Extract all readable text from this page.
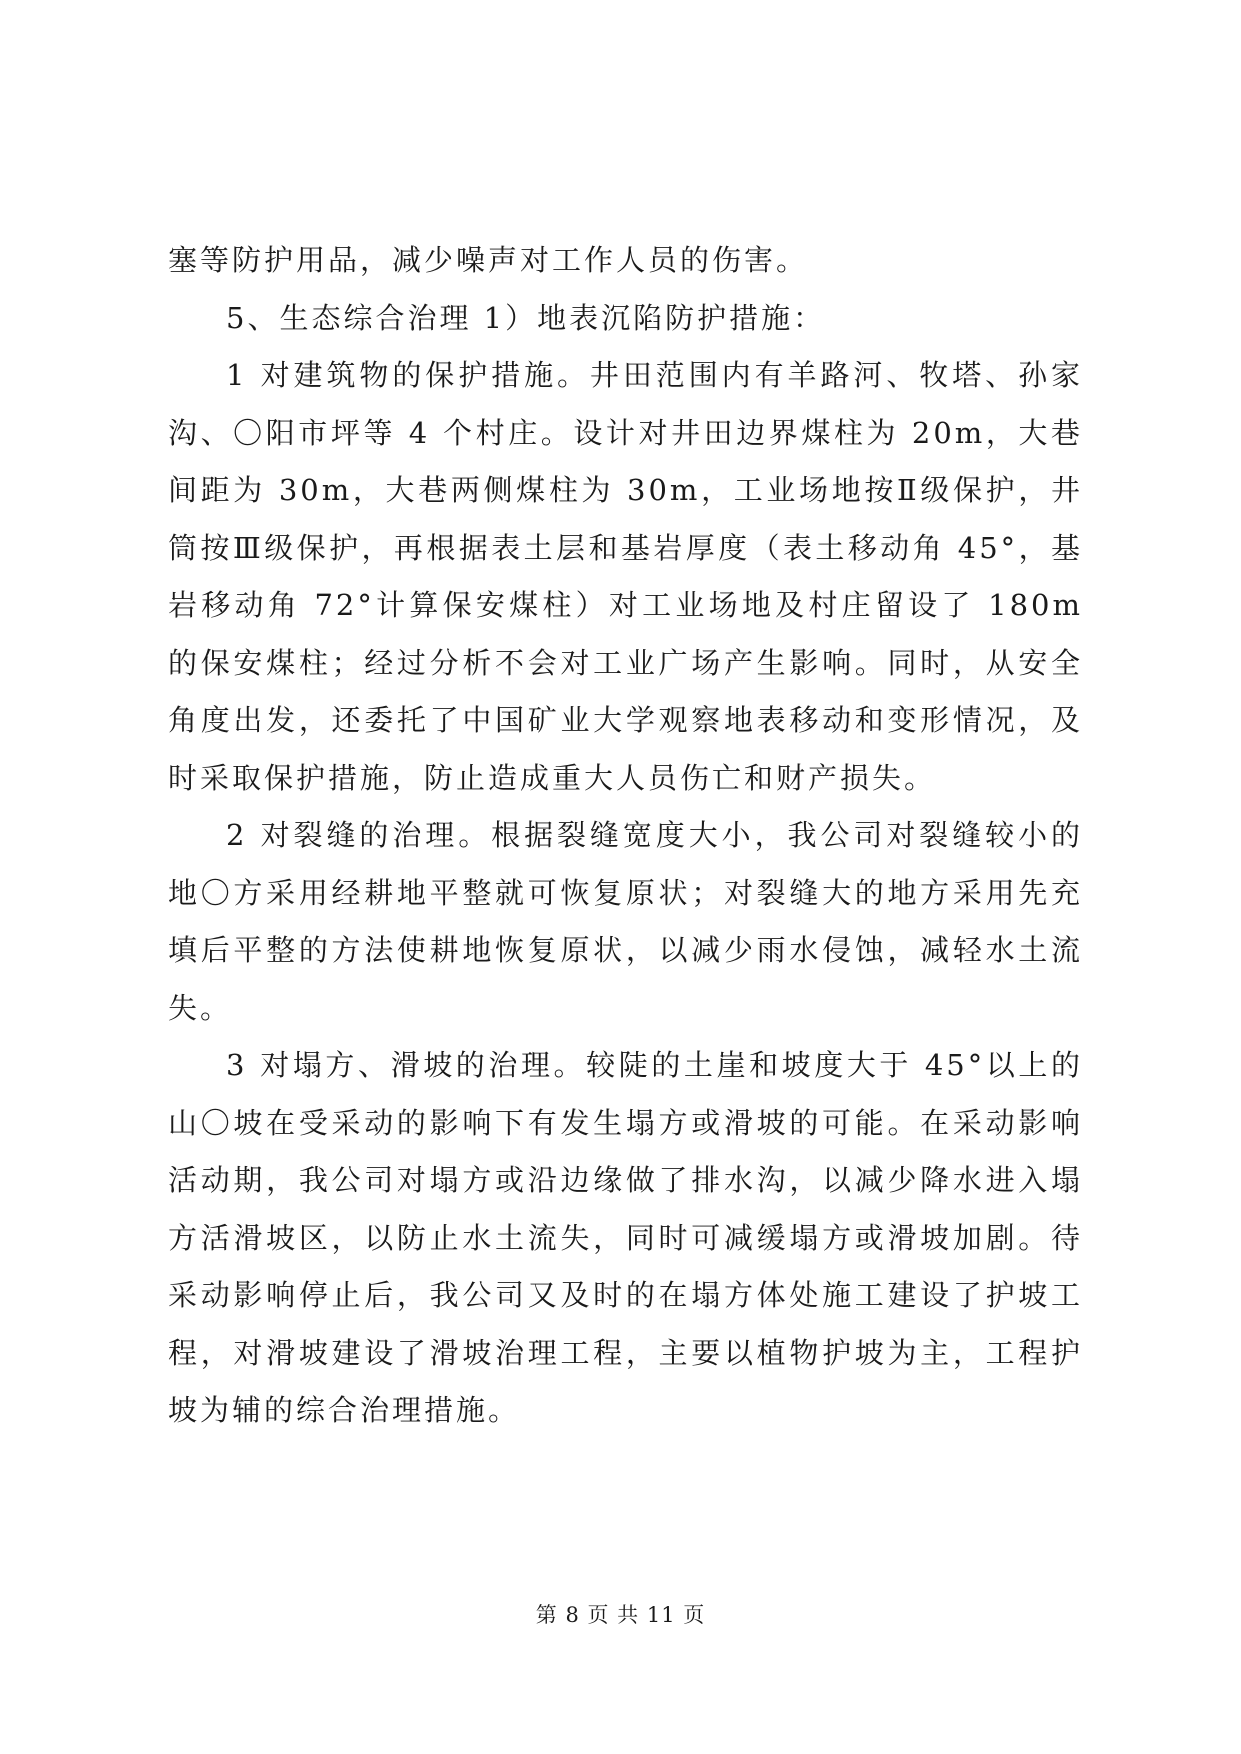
塞等防护用品，减少噪声对工作人员的伤害。

5、生态综合治理 1）地表沉陷防护措施：

1 对建筑物的保护措施。井田范围内有羊路河、牧塔、孙家沟、〇阳市坪等 4 个村庄。设计对井田边界煤柱为 20m，大巷间距为 30m，大巷两侧煤柱为 30m，工业场地按Ⅱ级保护，井筒按Ⅲ级保护，再根据表土层和基岩厚度（表土移动角 45°，基岩移动角 72°计算保安煤柱）对工业场地及村庄留设了 180m 的保安煤柱；经过分析不会对工业广场产生影响。同时，从安全角度出发，还委托了中国矿业大学观察地表移动和变形情况，及时采取保护措施，防止造成重大人员伤亡和财产损失。

2 对裂缝的治理。根据裂缝宽度大小，我公司对裂缝较小的地〇方采用经耕地平整就可恢复原状；对裂缝大的地方采用先充填后平整的方法使耕地恢复原状，以减少雨水侵蚀，减轻水土流失。

3 对塌方、滑坡的治理。较陡的土崖和坡度大于 45°以上的山〇坡在受采动的影响下有发生塌方或滑坡的可能。在采动影响活动期，我公司对塌方或沿边缘做了排水沟，以减少降水进入塌方活滑坡区，以防止水土流失，同时可减缓塌方或滑坡加剧。待采动影响停止后，我公司又及时的在塌方体处施工建设了护坡工程，对滑坡建设了滑坡治理工程，主要以植物护坡为主，工程护坡为辅的综合治理措施。

第 8 页 共 11 页
